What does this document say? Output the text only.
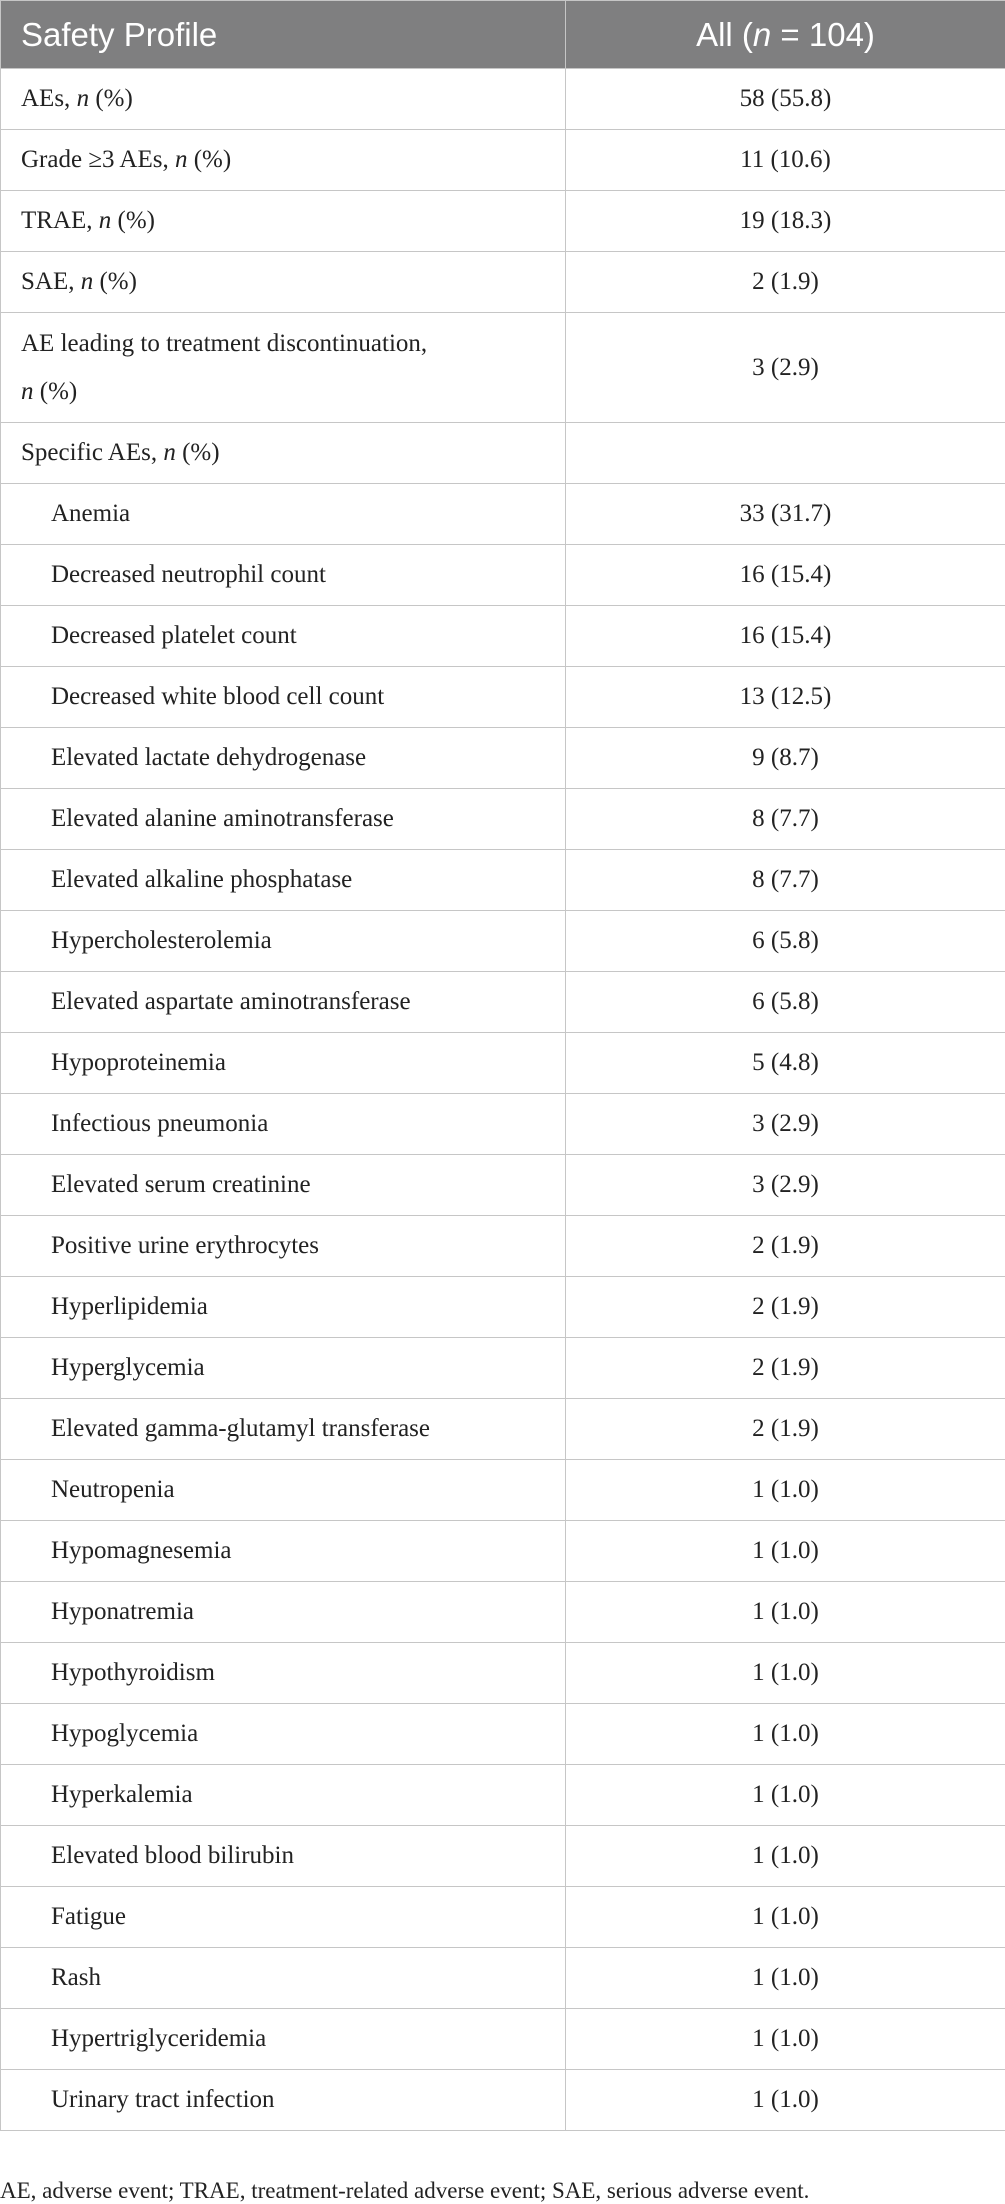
Safety Profile	All (n = 104)
AEs, n (%)	58 (55.8)
Grade ≥3 AEs, n (%)	11 (10.6)
TRAE, n (%)	19 (18.3)
SAE, n (%)	2 (1.9)

AE leading to treatment discontinuation,
n (%)	3 (2.9)
Specific AEs, n (%)	
Anemia	33 (31.7)
Decreased neutrophil count	16 (15.4)
Decreased platelet count	16 (15.4)
Decreased white blood cell count	13 (12.5)
Elevated lactate dehydrogenase	9 (8.7)
Elevated alanine aminotransferase	8 (7.7)
Elevated alkaline phosphatase	8 (7.7)
Hypercholesterolemia	6 (5.8)
Elevated aspartate aminotransferase	6 (5.8)
Hypoproteinemia	5 (4.8)
Infectious pneumonia	3 (2.9)
Elevated serum creatinine	3 (2.9)
Positive urine erythrocytes	2 (1.9)
Hyperlipidemia	2 (1.9)
Hyperglycemia	2 (1.9)
Elevated gamma-glutamyl transferase	2 (1.9)
Neutropenia	1 (1.0)
Hypomagnesemia	1 (1.0)
Hyponatremia	1 (1.0)
Hypothyroidism	1 (1.0)
Hypoglycemia	1 (1.0)
Hyperkalemia	1 (1.0)
Elevated blood bilirubin	1 (1.0)
Fatigue	1 (1.0)
Rash	1 (1.0)
Hypertriglyceridemia	1 (1.0)
Urinary tract infection	1 (1.0)
AE, adverse event; TRAE, treatment-related adverse event; SAE, serious adverse event.
